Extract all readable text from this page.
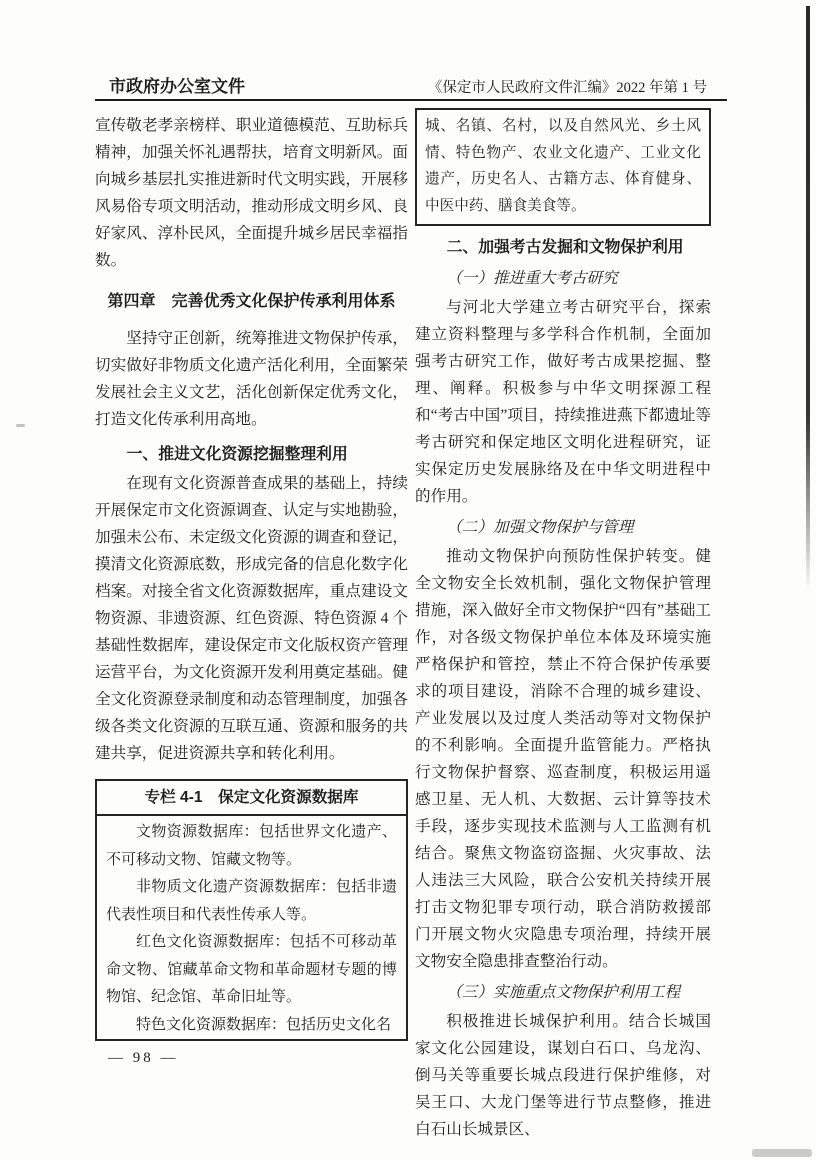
市政府办公室文件	《保定市人民政府文件汇编》2022 年第 1 号

宣传敬老孝亲榜样、职业道德模范、互助标兵精神，加强关怀礼遇帮扶，培育文明新风。面向城乡基层扎实推进新时代文明实践，开展移风易俗专项文明活动，推动形成文明乡风、良好家风、淳朴民风，全面提升城乡居民幸福指数。

第四章　完善优秀文化保护传承利用体系

坚持守正创新，统筹推进文物保护传承，切实做好非物质文化遗产活化利用，全面繁荣发展社会主义文艺，活化创新保定优秀文化，打造文化传承利用高地。

一、推进文化资源挖掘整理利用

在现有文化资源普查成果的基础上，持续开展保定市文化资源调查、认定与实地勘验，加强未公布、未定级文化资源的调查和登记，摸清文化资源底数，形成完备的信息化数字化档案。对接全省文化资源数据库，重点建设文物资源、非遗资源、红色资源、特色资源 4 个基础性数据库，建设保定市文化版权资产管理运营平台，为文化资源开发利用奠定基础。健全文化资源登录制度和动态管理制度，加强各级各类文化资源的互联互通、资源和服务的共建共享，促进资源共享和转化利用。

专栏 4-1　保定文化资源数据库

文物资源数据库：包括世界文化遗产、不可移动文物、馆藏文物等。

非物质文化遗产资源数据库：包括非遗代表性项目和代表性传承人等。

红色文化资源数据库：包括不可移动革命文物、馆藏革命文物和革命题材专题的博物馆、纪念馆、革命旧址等。

特色文化资源数据库：包括历史文化名

城、名镇、名村，以及自然风光、乡土风情、特色物产、农业文化遗产、工业文化遗产，历史名人、古籍方志、体育健身、中医中药、膳食美食等。

二、加强考古发掘和文物保护利用

（一）推进重大考古研究

与河北大学建立考古研究平台，探索建立资料整理与多学科合作机制，全面加强考古研究工作，做好考古成果挖掘、整理、阐释。积极参与中华文明探源工程和“考古中国”项目，持续推进燕下都遗址等考古研究和保定地区文明化进程研究，证实保定历史发展脉络及在中华文明进程中的作用。

（二）加强文物保护与管理

推动文物保护向预防性保护转变。健全文物安全长效机制，强化文物保护管理措施，深入做好全市文物保护“四有”基础工作，对各级文物保护单位本体及环境实施严格保护和管控，禁止不符合保护传承要求的项目建设，消除不合理的城乡建设、产业发展以及过度人类活动等对文物保护的不利影响。全面提升监管能力。严格执行文物保护督察、巡查制度，积极运用遥感卫星、无人机、大数据、云计算等技术手段，逐步实现技术监测与人工监测有机结合。聚焦文物盗窃盗掘、火灾事故、法人违法三大风险，联合公安机关持续开展打击文物犯罪专项行动，联合消防救援部门开展文物火灾隐患专项治理，持续开展文物安全隐患排查整治行动。

（三）实施重点文物保护利用工程

积极推进长城保护利用。结合长城国家文化公园建设，谋划白石口、乌龙沟、倒马关等重要长城点段进行保护维修，对吴王口、大龙门堡等进行节点整修，推进白石山长城景区、

— 98 —
